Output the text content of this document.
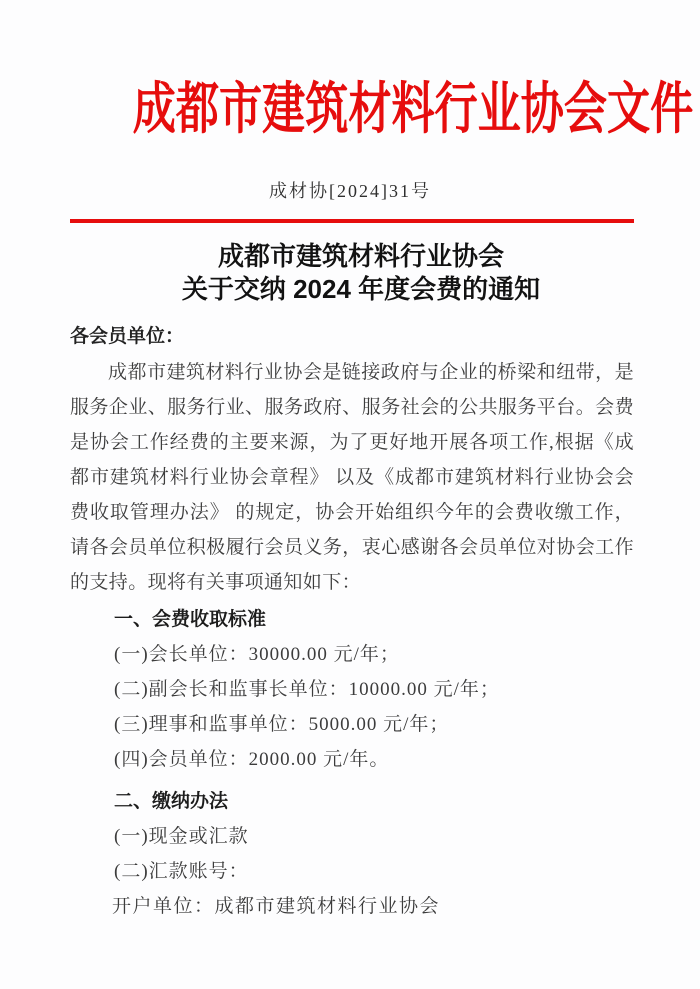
成都市建筑材料行业协会文件
成材协[2024]31号
成都市建筑材料行业协会
关于交纳 2024 年度会费的通知
各会员单位：

成都市建筑材料行业协会是链接政府与企业的桥梁和纽带，是服务企业、服务行业、服务政府、服务社会的公共服务平台。会费是协会工作经费的主要来源，为了更好地开展各项工作,根据《成都市建筑材料行业协会章程》 以及《成都市建筑材料行业协会会费收取管理办法》 的规定，协会开始组织今年的会费收缴工作，请各会员单位积极履行会员义务，衷心感谢各会员单位对协会工作的支持。现将有关事项通知如下：

一、会费收取标准
(一)会长单位：30000.00 元/年；
(二)副会长和监事长单位：10000.00 元/年；
(三)理事和监事单位：5000.00 元/年；
(四)会员单位：2000.00 元/年。
二、缴纳办法
(一)现金或汇款
(二)汇款账号：
开户单位：成都市建筑材料行业协会
